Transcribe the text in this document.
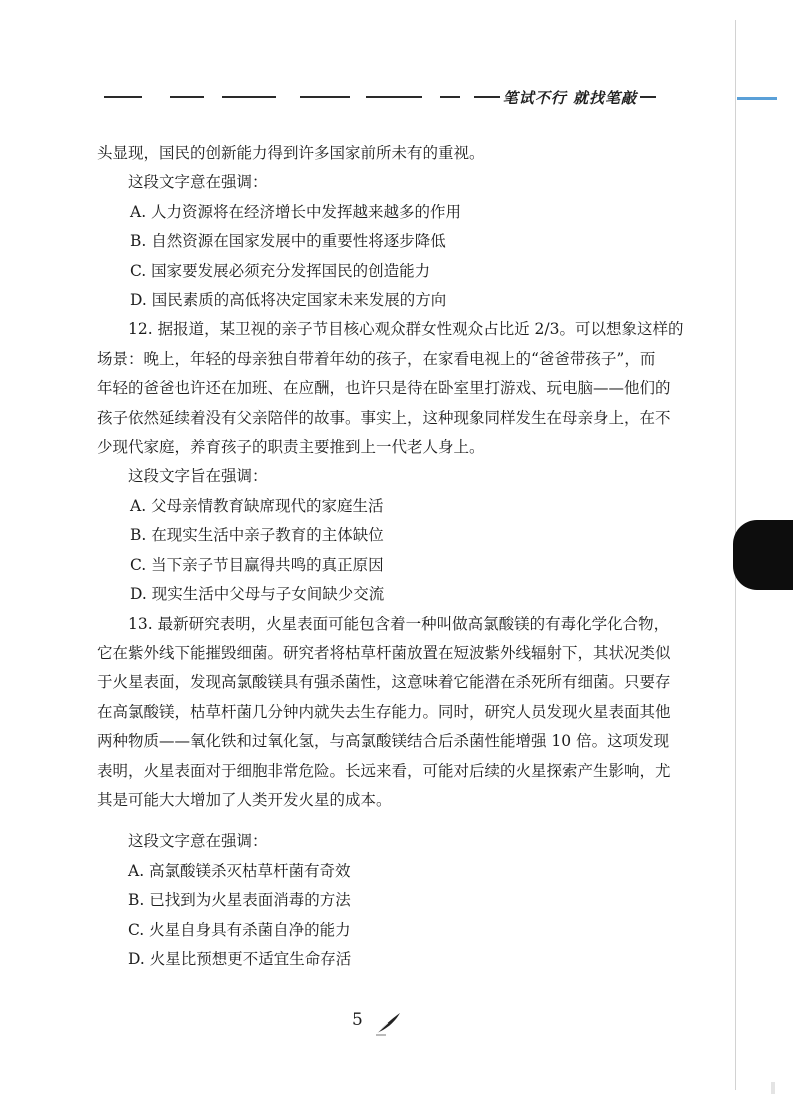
笔试不行 就找笔敲

头显现，国民的创新能力得到许多国家前所未有的重视。

这段文字意在强调：

A. 人力资源将在经济增长中发挥越来越多的作用

B. 自然资源在国家发展中的重要性将逐步降低

C. 国家要发展必须充分发挥国民的创造能力

D. 国民素质的高低将决定国家未来发展的方向

12. 据报道，某卫视的亲子节目核心观众群女性观众占比近 2/3。可以想象这样的

场景：晚上，年轻的母亲独自带着年幼的孩子，在家看电视上的“爸爸带孩子”，而

年轻的爸爸也许还在加班、在应酬，也许只是待在卧室里打游戏、玩电脑——他们的

孩子依然延续着没有父亲陪伴的故事。事实上，这种现象同样发生在母亲身上，在不

少现代家庭，养育孩子的职责主要推到上一代老人身上。

这段文字旨在强调：

A. 父母亲情教育缺席现代的家庭生活

B. 在现实生活中亲子教育的主体缺位

C. 当下亲子节目赢得共鸣的真正原因

D. 现实生活中父母与子女间缺少交流

13. 最新研究表明，火星表面可能包含着一种叫做高氯酸镁的有毒化学化合物，

它在紫外线下能摧毁细菌。研究者将枯草杆菌放置在短波紫外线辐射下，其状况类似

于火星表面，发现高氯酸镁具有强杀菌性，这意味着它能潜在杀死所有细菌。只要存

在高氯酸镁，枯草杆菌几分钟内就失去生存能力。同时，研究人员发现火星表面其他

两种物质——氧化铁和过氧化氢，与高氯酸镁结合后杀菌性能增强 10 倍。这项发现

表明，火星表面对于细胞非常危险。长远来看，可能对后续的火星探索产生影响，尤

其是可能大大增加了人类开发火星的成本。

这段文字意在强调：

A. 高氯酸镁杀灭枯草杆菌有奇效

B. 已找到为火星表面消毒的方法

C. 火星自身具有杀菌自净的能力

D. 火星比预想更不适宜生命存活

5
